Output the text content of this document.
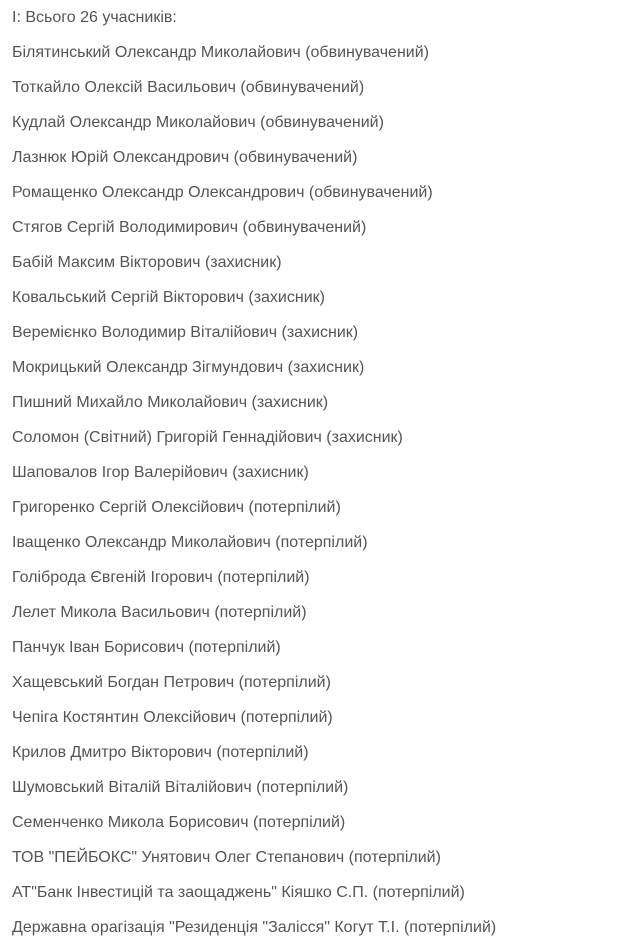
І: Всього 26 учасників:
Білятинський Олександр Миколайович (обвинувачений)
Тоткайло Олексій Васильович (обвинувачений)
Кудлай Олександр Миколайович (обвинувачений)
Лазнюк Юрій Олександрович (обвинувачений)
Ромащенко Олександр Олександрович (обвинувачений)
Стягов Сергій Володимирович (обвинувачений)
Бабій Максим Вікторович (захисник)
Ковальський Сергій Вікторович (захисник)
Веремієнко Володимир Віталійович (захисник)
Мокрицький Олександр Зігмундович (захисник)
Пишний Михайло Миколайович (захисник)
Соломон (Світний) Григорій Геннадійович (захисник)
Шаповалов Ігор Валерійович (захисник)
Григоренко Сергій Олексійович (потерпілий)
Іващенко Олександр Миколайович (потерпілий)
Голіброда Євгеній Ігорович (потерпілий)
Лелет Микола Васильович (потерпілий)
Панчук Іван Борисович (потерпілий)
Хащевський Богдан Петрович (потерпілий)
Чепіга Костянтин Олексійович (потерпілий)
Крилов Дмитро Вікторович (потерпілий)
Шумовський Віталій Віталійович (потерпілий)
Семенченко Микола Борисович (потерпілий)
ТОВ "ПЕЙБОКС" Унятович Олег Степанович (потерпілий)
АТ"Банк Інвестицій та заощаджень" Кіяшко С.П. (потерпілий)
Державна орагізація "Резиденція "Залісся" Когут Т.І. (потерпілий)
